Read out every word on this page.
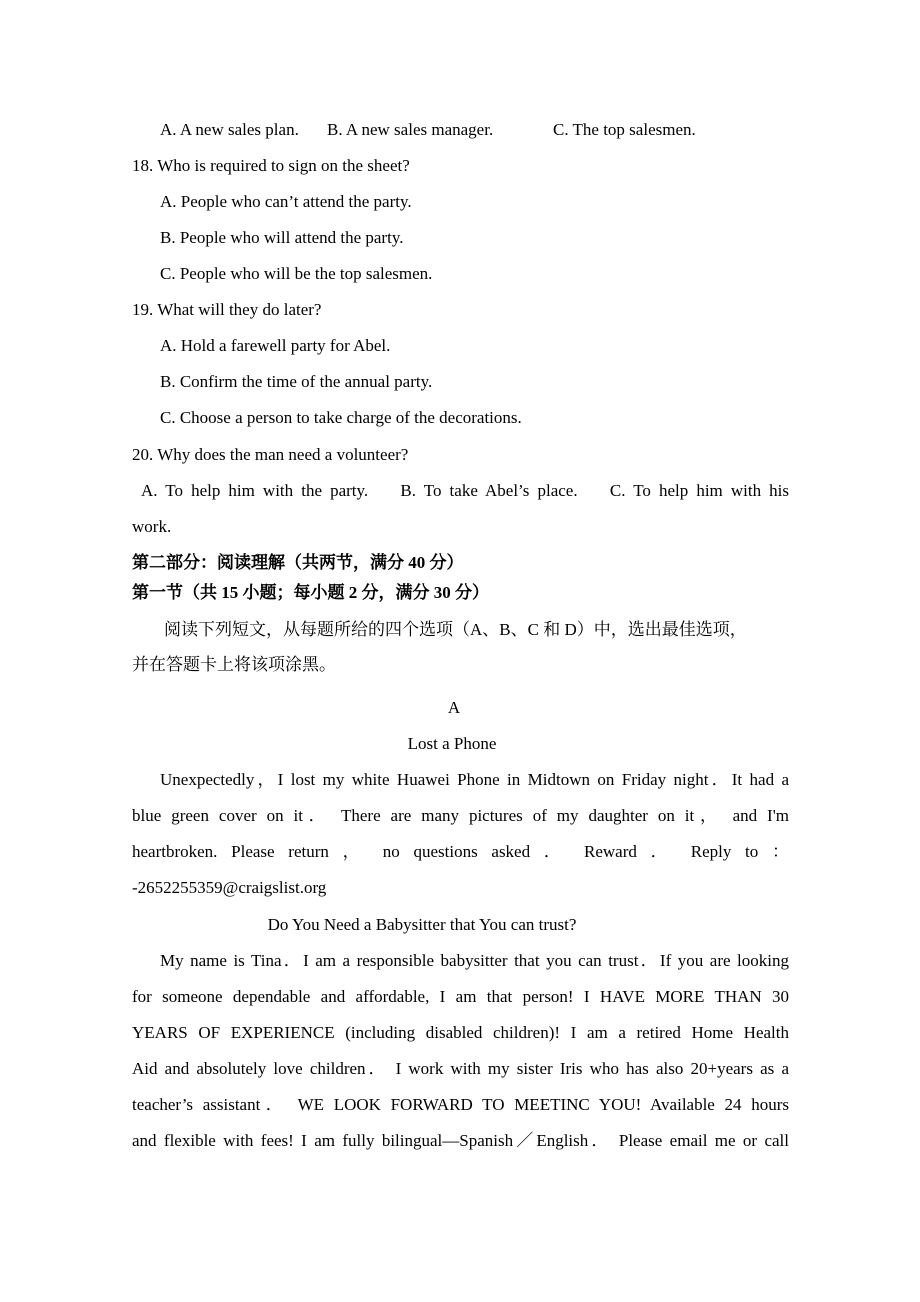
A. A new sales plan. B. A new sales manager.	C. The top salesmen.
18. Who is required to sign on the sheet?
A. People who can’t attend the party.
B. People who will attend the party.
C. People who will be the top salesmen.
19. What will they do later?
A. Hold a farewell party for Abel.
B. Confirm the time of the annual party.
C. Choose a person to take charge of the decorations.
20. Why does the man need a volunteer?
A. To help him with the party.    B. To take Abel’s place.    C. To help him with his
work.
第二部分：阅读理解（共两节，满分 40 分）
第一节（共 15 小题；每小题 2 分，满分 30 分）
阅读下列短文，从每题所给的四个选项（A、B、C 和 D）中，选出最佳选项，
并在答题卡上将该项涂黑。
A
Lost a Phone
Unexpectedly，I lost my white Huawei Phone in Midtown on Friday night．It had a
blue green cover on it． There are many pictures of my daughter on it， and I'm
heartbroken. Please return ， no questions asked ． Reward ． Reply to ：
-2652255359@craigslist.org
Do You Need a Babysitter that You can trust?
My name is Tina．I am a responsible babysitter that you can trust．If you are looking
for someone dependable and affordable, I am that person! I HAVE MORE THAN 30
YEARS OF EXPERIENCE (including disabled children)! I am a retired Home Health
Aid and absolutely love children． I work with my sister Iris who has also 20+years as a
teacher’s assistant． WE LOOK FORWARD TO MEETINC YOU! Available 24 hours
and flexible with fees! I am fully bilingual—Spanish／English． Please email me or call
